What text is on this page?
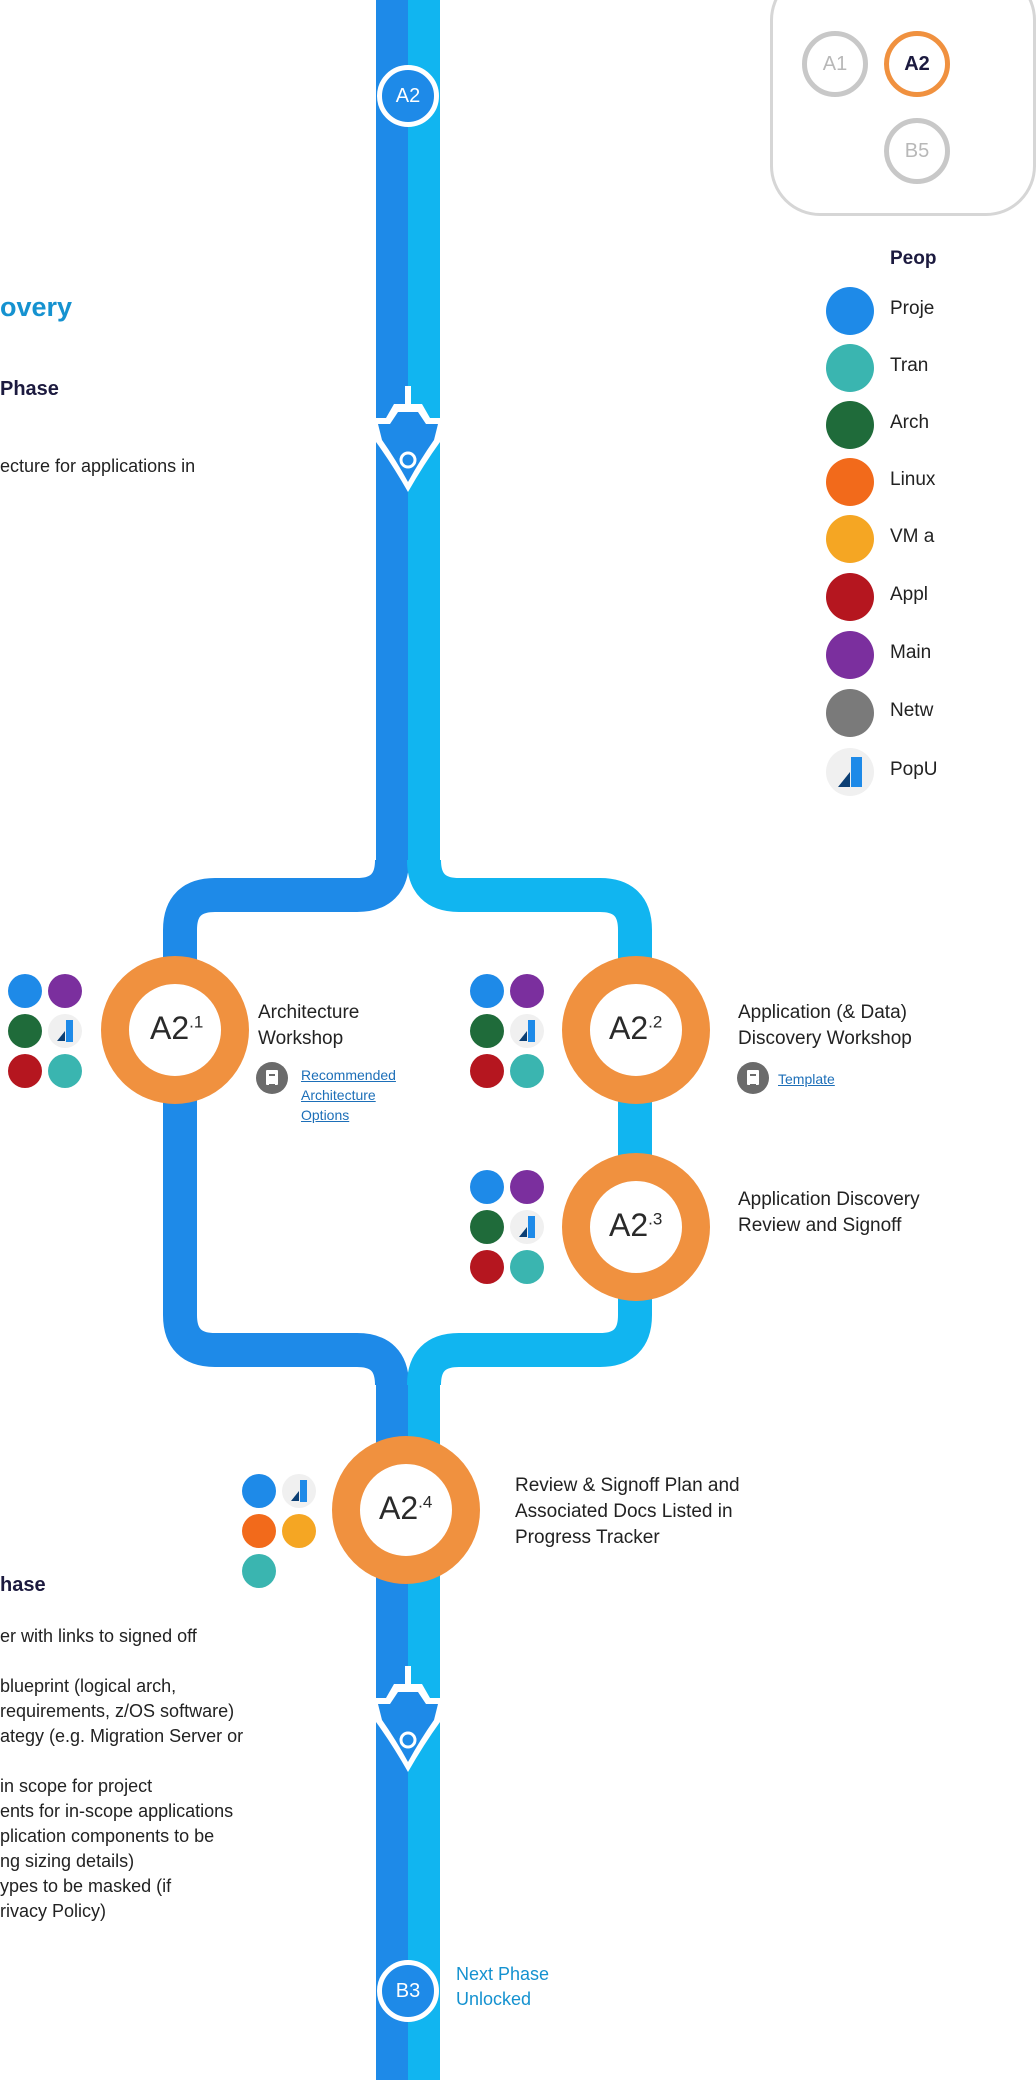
A2
B3
Next Phase
Unlocked
overy
Phase
ecture for applications in
hase
er with links to signed off
blueprint (logical arch,
requirements, z/OS software)
ategy (e.g. Migration Server or
in scope for project
ents for in-scope applications
plication components to be
ng sizing details)
ypes to be masked (if
rivacy Policy)
$A2^{.1}$	$A2^{.2}$
$A2^{.3}$
$A2^{.4}$
Architecture
Workshop
Recommended
Architecture
Options
Application (& Data)
Discovery Workshop
Template
Application Discovery
Review and Signoff
Review & Signoff Plan and
Associated Docs Listed in
Progress Tracker
A1	A2
B5
Peop
Proje
Tran
Arch
Linux
VM a
Appl
Main
Netw
PopU
